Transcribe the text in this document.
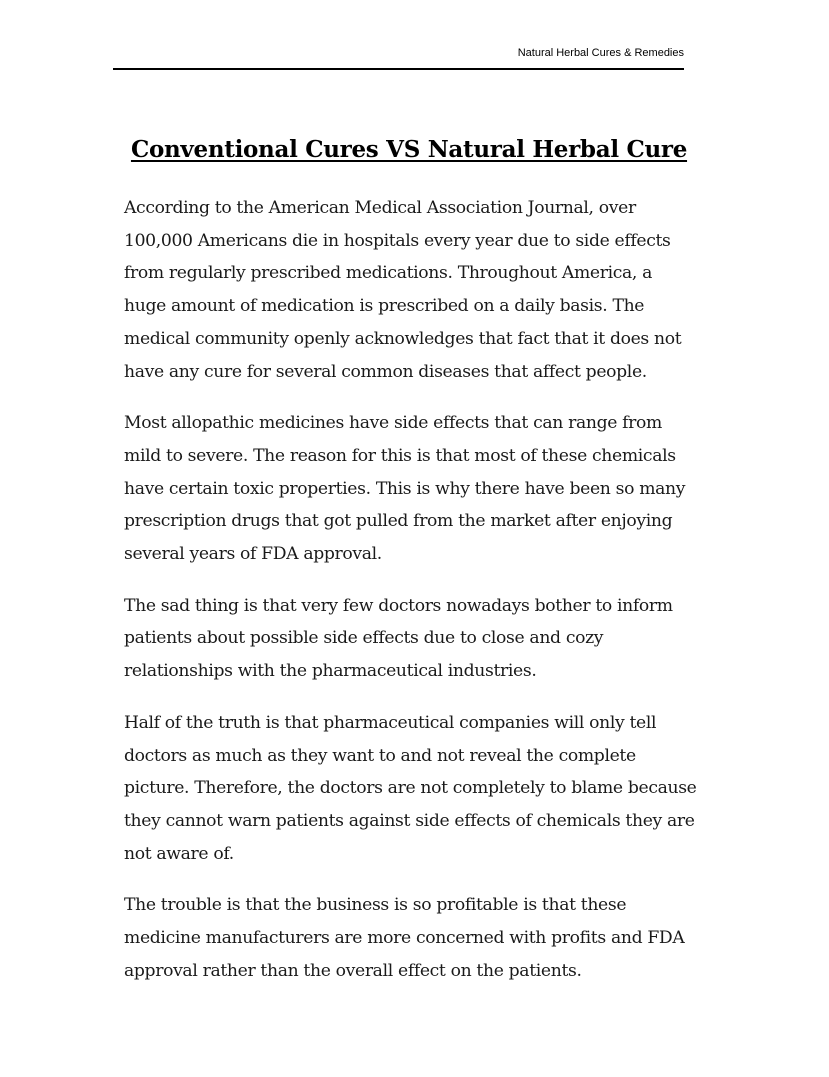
Natural Herbal Cures & Remedies
Conventional Cures VS Natural Herbal Cure

According to the American Medical Association Journal, over
100,000 Americans die in hospitals every year due to side effects
from regularly prescribed medications. Throughout America, a
huge amount of medication is prescribed on a daily basis. The
medical community openly acknowledges that fact that it does not
have any cure for several common diseases that affect people.

Most allopathic medicines have side effects that can range from
mild to severe. The reason for this is that most of these chemicals
have certain toxic properties. This is why there have been so many
prescription drugs that got pulled from the market after enjoying
several years of FDA approval.

The sad thing is that very few doctors nowadays bother to inform
patients about possible side effects due to close and cozy
relationships with the pharmaceutical industries.

Half of the truth is that pharmaceutical companies will only tell
doctors as much as they want to and not reveal the complete
picture. Therefore, the doctors are not completely to blame because
they cannot warn patients against side effects of chemicals they are
not aware of.

The trouble is that the business is so profitable is that these
medicine manufacturers are more concerned with profits and FDA
approval rather than the overall effect on the patients.
